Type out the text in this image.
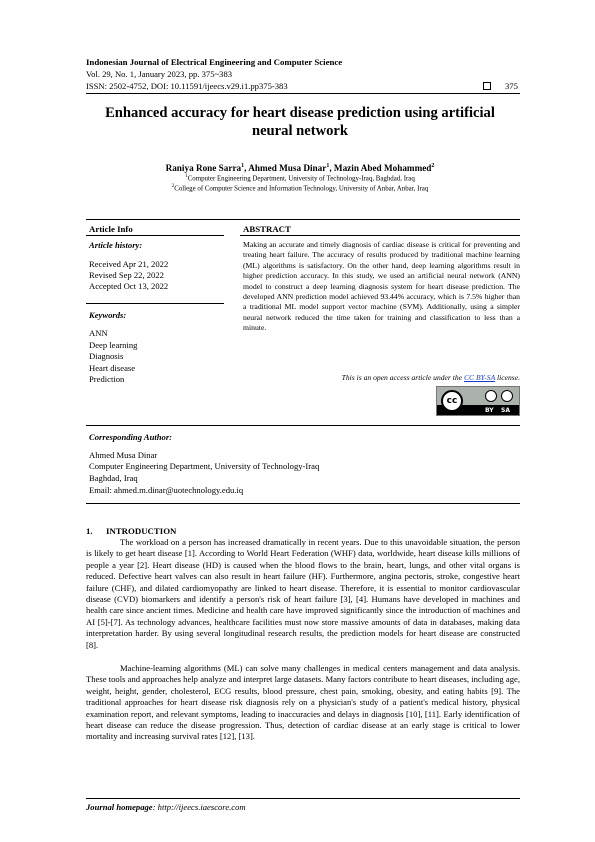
Indonesian Journal of Electrical Engineering and Computer Science
Vol. 29, No. 1, January 2023, pp. 375~383
ISSN: 2502-4752, DOI: 10.11591/ijeecs.v29.i1.pp375-383	375
Enhanced accuracy for heart disease prediction using artificial
neural network
Raniya Rone Sarra$^1$, Ahmed Musa Dinar$^1$, Mazin Abed Mohammed$^2$
$^1$Computer Engineering Department, University of Technology-Iraq, Baghdad, Iraq
$^2$College of Computer Science and Information Technology, University of Anbar, Anbar, Iraq
Article Info	ABSTRACT
Article history:
Received Apr 21, 2022
Revised Sep 22, 2022
Accepted Oct 13, 2022
Keywords:
ANN
Deep learning
Diagnosis
Heart disease
Prediction
Making an accurate and timely diagnosis of cardiac disease is critical for preventing and treating heart failure. The accuracy of results produced by traditional machine learning (ML) algorithms is satisfactory. On the other hand, deep learning algorithms result in higher prediction accuracy. In this study, we used an artificial neural network (ANN) model to construct a deep learning diagnosis system for heart disease prediction. The developed ANN prediction model achieved 93.44% accuracy, which is 7.5% higher than a traditional ML model support vector machine (SVM). Additionally, using a simpler neural network reduced the time taken for training and classification to less than a minute.
This is an open access article under the CC BY-SA license.
cc
BY SA
Corresponding Author:
Ahmed Musa Dinar
Computer Engineering Department, University of Technology-Iraq
Baghdad, Iraq
Email: ahmed.m.dinar@uotechnology.edu.iq
1. INTRODUCTION
The workload on a person has increased dramatically in recent years. Due to this unavoidable situation, the person is likely to get heart disease [1]. According to World Heart Federation (WHF) data, worldwide, heart disease kills millions of people a year [2]. Heart disease (HD) is caused when the blood flows to the brain, heart, lungs, and other vital organs is reduced. Defective heart valves can also result in heart failure (HF). Furthermore, angina pectoris, stroke, congestive heart failure (CHF), and dilated cardiomyopathy are linked to heart disease. Therefore, it is essential to monitor cardiovascular disease (CVD) biomarkers and identify a person's risk of heart failure [3], [4]. Humans have developed in machines and health care since ancient times. Medicine and health care have improved significantly since the introduction of machines and AI [5]-[7]. As technology advances, healthcare facilities must now store massive amounts of data in databases, making data interpretation harder. By using several longitudinal research results, the prediction models for heart disease are constructed [8].
Machine-learning algorithms (ML) can solve many challenges in medical centers management and data analysis. These tools and approaches help analyze and interpret large datasets. Many factors contribute to heart diseases, including age, weight, height, gender, cholesterol, ECG results, blood pressure, chest pain, smoking, obesity, and eating habits [9]. The traditional approaches for heart disease risk diagnosis rely on a physician's study of a patient's medical history, physical examination report, and relevant symptoms, leading to inaccuracies and delays in diagnosis [10], [11]. Early identification of heart disease can reduce the disease progression. Thus, detection of cardiac disease at an early stage is critical to lower mortality and increasing survival rates [12], [13].
Journal homepage: http://ijeecs.iaescore.com
